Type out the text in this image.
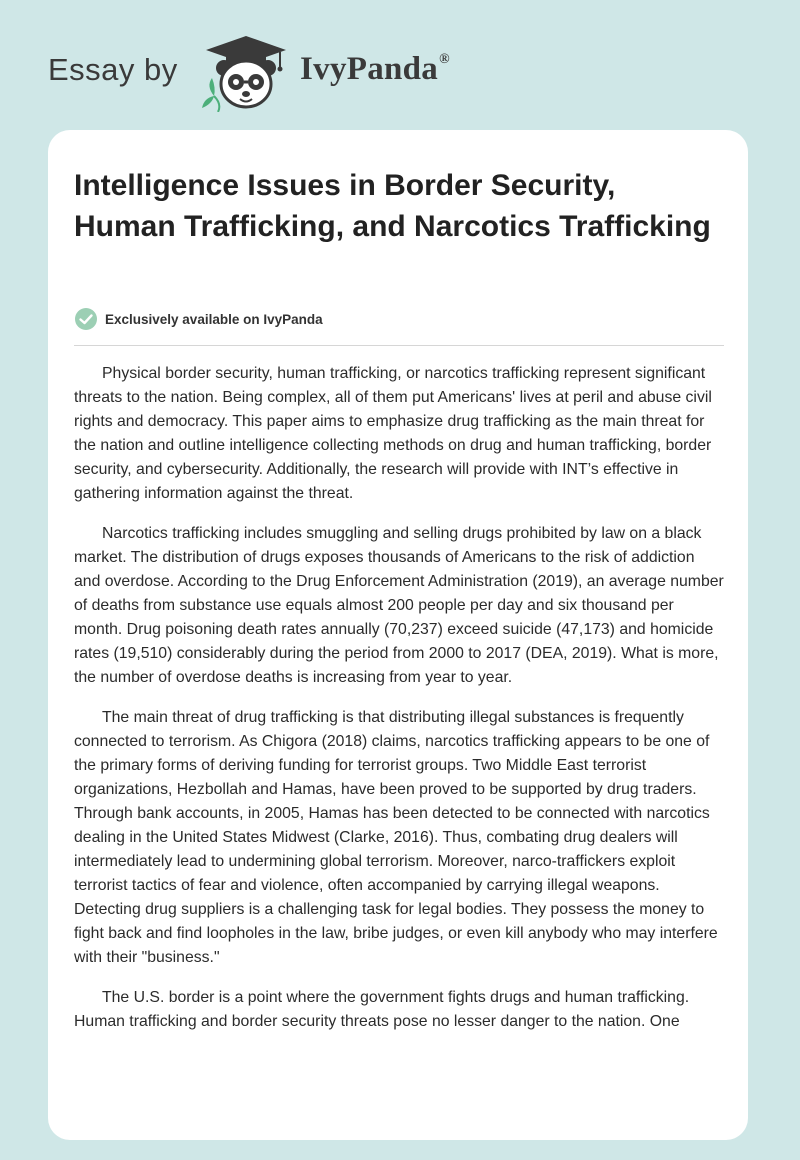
Essay by	IvyPanda®
Intelligence Issues in Border Security, Human Trafficking, and Narcotics Trafficking
Exclusively available on IvyPanda

Physical border security, human trafficking, or narcotics trafficking represent significant threats to the nation. Being complex, all of them put Americans' lives at peril and abuse civil rights and democracy. This paper aims to emphasize drug trafficking as the main threat for the nation and outline intelligence collecting methods on drug and human trafficking, border security, and cybersecurity. Additionally, the research will provide with INT’s effective in gathering information against the threat.

Narcotics trafficking includes smuggling and selling drugs prohibited by law on a black market. The distribution of drugs exposes thousands of Americans to the risk of addiction and overdose. According to the Drug Enforcement Administration (2019), an average number of deaths from substance use equals almost 200 people per day and six thousand per month. Drug poisoning death rates annually (70,237) exceed suicide (47,173) and homicide rates (19,510) considerably during the period from 2000 to 2017 (DEA, 2019). What is more, the number of overdose deaths is increasing from year to year.

The main threat of drug trafficking is that distributing illegal substances is frequently connected to terrorism. As Chigora (2018) claims, narcotics trafficking appears to be one of the primary forms of deriving funding for terrorist groups. Two Middle East terrorist organizations, Hezbollah and Hamas, have been proved to be supported by drug traders. Through bank accounts, in 2005, Hamas has been detected to be connected with narcotics dealing in the United States Midwest (Clarke, 2016). Thus, combating drug dealers will intermediately lead to undermining global terrorism. Moreover, narco-traffickers exploit terrorist tactics of fear and violence, often accompanied by carrying illegal weapons. Detecting drug suppliers is a challenging task for legal bodies. They possess the money to fight back and find loopholes in the law, bribe judges, or even kill anybody who may interfere with their "business."

The U.S. border is a point where the government fights drugs and human trafficking. Human trafficking and border security threats pose no lesser danger to the nation. One
